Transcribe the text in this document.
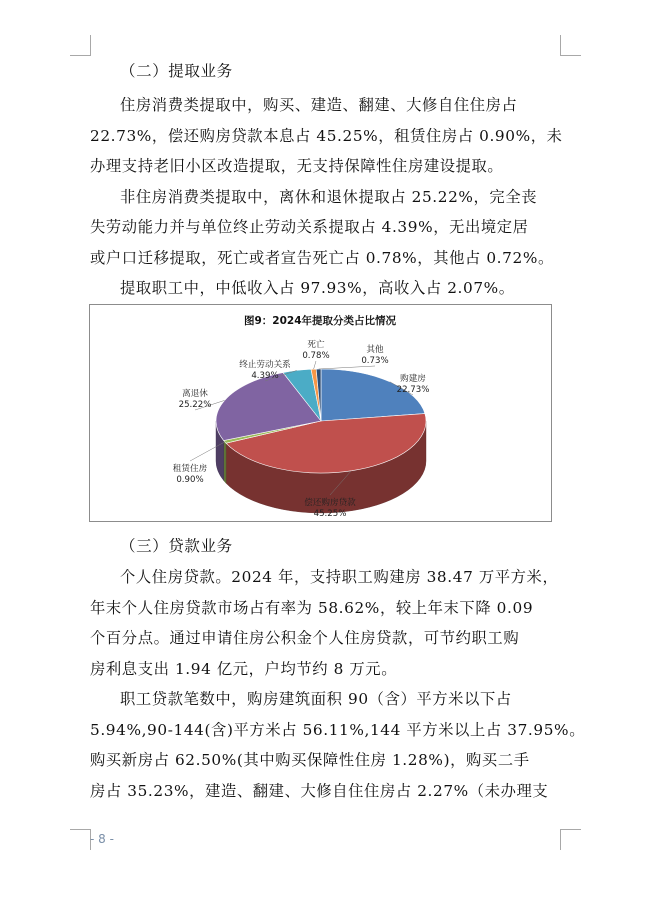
（二）提取业务
住房消费类提取中，购买、建造、翻建、大修自住住房占
22.73%，偿还购房贷款本息占 45.25%，租赁住房占 0.90%，未
办理支持老旧小区改造提取，无支持保障性住房建设提取。
非住房消费类提取中，离休和退休提取占 25.22%，完全丧
失劳动能力并与单位终止劳动关系提取占 4.39%，无出境定居
或户口迁移提取，死亡或者宣告死亡占 0.78%，其他占 0.72%。
提取职工中，中低收入占 97.93%，高收入占 2.07%。
图9：2024年提取分类占比情况
购建房
22.73%
偿还购房贷款
45.25%
租赁住房
0.90%
离退休
25.22%
终止劳动关系
4.39%
死亡
0.78%
其他
0.73%
（三）贷款业务
个人住房贷款。2024 年，支持职工购建房 38.47 万平方米，
年末个人住房贷款市场占有率为 58.62%，较上年末下降 0.09
个百分点。通过申请住房公积金个人住房贷款，可节约职工购
房利息支出 1.94 亿元，户均节约 8 万元。
职工贷款笔数中，购房建筑面积 90（含）平方米以下占
5.94%,90-144(含)平方米占 56.11%,144 平方米以上占 37.95%。
购买新房占 62.50%(其中购买保障性住房 1.28%)，购买二手
房占 35.23%，建造、翻建、大修自住住房占 2.27%（未办理支
- 8 -
